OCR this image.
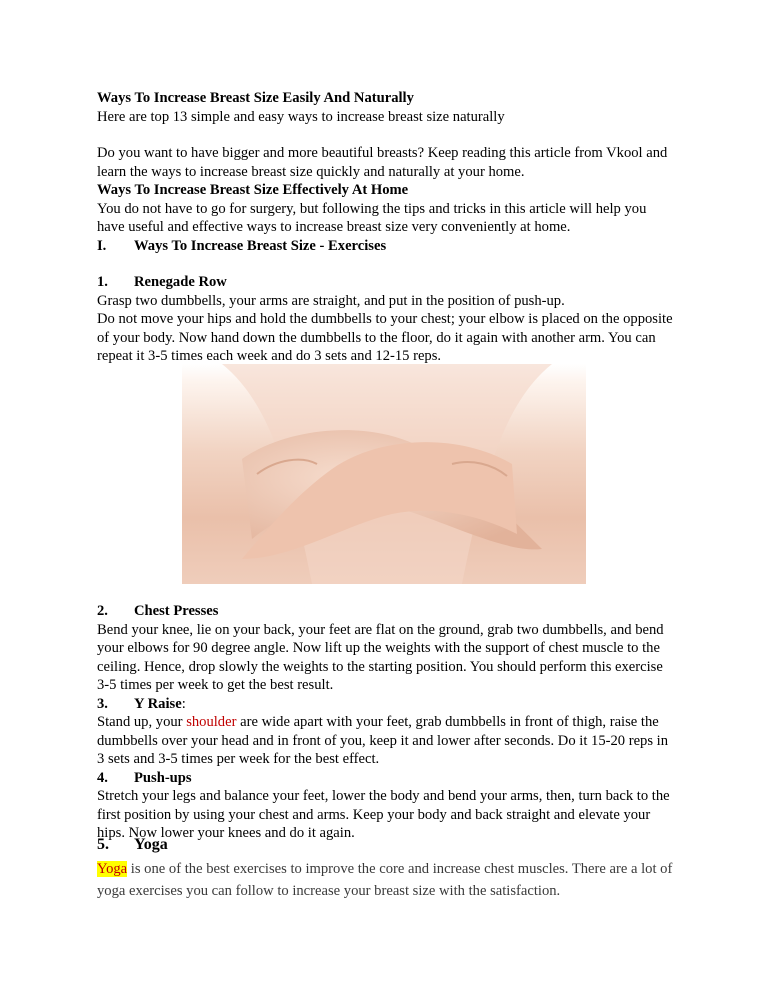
Ways To Increase Breast Size Easily And Naturally

Here are top 13 simple and easy ways to increase breast size naturally

Do you want to have bigger and more beautiful breasts? Keep reading this article from Vkool and learn the ways to increase breast size quickly and naturally at your home.

Ways To Increase Breast Size Effectively At Home

You do not have to go for surgery, but following the tips and tricks in this article will help you have useful and effective ways to increase breast size very conveniently at home.

I.	Ways To Increase Breast Size - Exercises
1.	Renegade Row

Grasp two dumbbells, your arms are straight, and put in the position of push-up.

Do not move your hips and hold the dumbbells to your chest; your elbow is placed on the opposite of your body. Now hand down the dumbbells to the floor, do it again with another arm. You can repeat it 3-5 times each week and do 3 sets and 12-15 reps.

2.	Chest Presses

Bend your knee, lie on your back, your feet are flat on the ground, grab two dumbbells, and bend your elbows for 90 degree angle. Now lift up the weights with the support of chest muscle to the ceiling. Hence, drop slowly the weights to the starting position. You should perform this exercise 3-5 times per week to get the best result.

3.	Y Raise :

Stand up, your shoulder are wide apart with your feet, grab dumbbells in front of thigh, raise the dumbbells over your head and in front of you, keep it and lower after seconds. Do it 15-20 reps in 3 sets and 3-5 times per week for the best effect.

4.	Push-ups

Stretch your legs and balance your feet, lower the body and bend your arms, then, turn back to the first position by using your chest and arms. Keep your body and back straight and elevate your hips. Now lower your knees and do it again.

5.	Yoga

Yoga is one of the best exercises to improve the core and increase chest muscles. There are a lot of yoga exercises you can follow to increase your breast size with the satisfaction.
